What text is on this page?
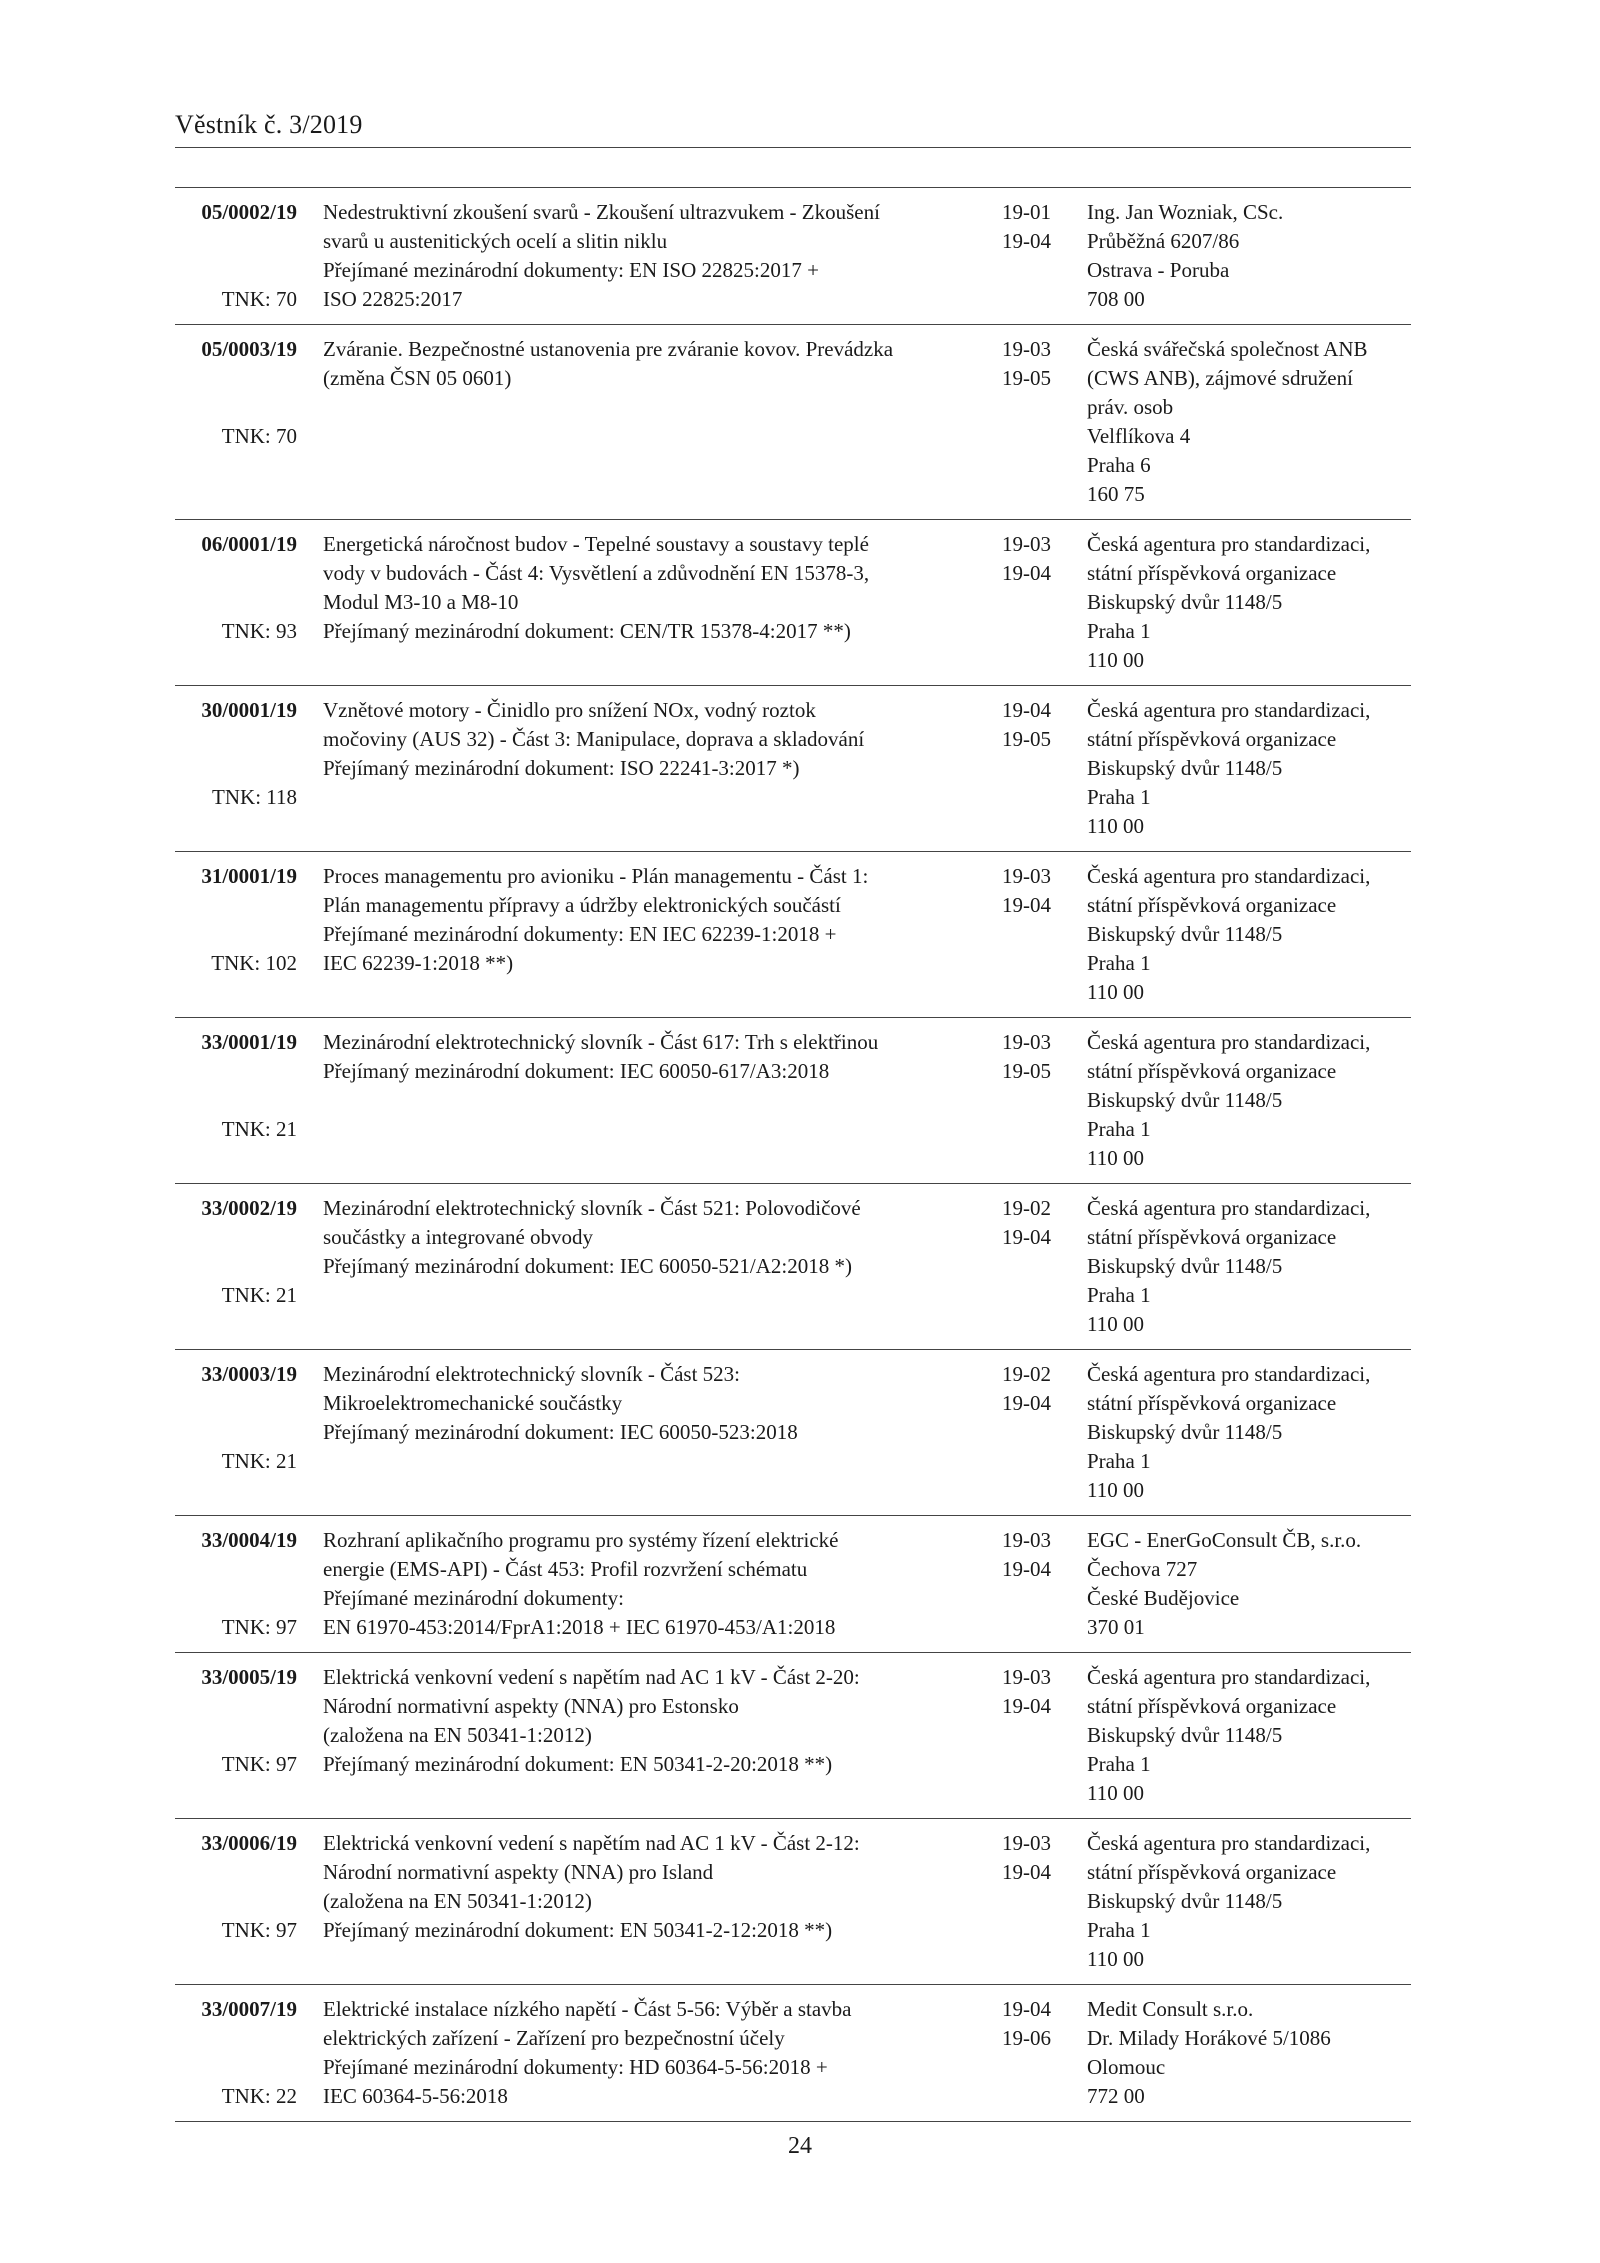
Věstník č. 3/2019
05/0002/19
TNK: 70
Nedestruktivní zkoušení svarů - Zkoušení ultrazvukem - Zkoušení
svarů u austenitických ocelí a slitin niklu
Přejímané mezinárodní dokumenty: EN ISO 22825:2017 +
ISO 22825:2017
19-01
19-04
Ing. Jan Wozniak, CSc.
Průběžná 6207/86
Ostrava - Poruba
708 00
05/0003/19
TNK: 70
Zváranie. Bezpečnostné ustanovenia pre zváranie kovov. Prevádzka
(změna ČSN 05 0601)
19-03
19-05
Česká svářečská společnost ANB
(CWS ANB), zájmové sdružení
práv. osob
Velflíkova 4
Praha 6
160 75
06/0001/19
TNK: 93
Energetická náročnost budov - Tepelné soustavy a soustavy teplé
vody v budovách - Část 4: Vysvětlení a zdůvodnění EN 15378-3,
Modul M3-10 a M8-10
Přejímaný mezinárodní dokument: CEN/TR 15378-4:2017 **)
19-03
19-04
Česká agentura pro standardizaci,
státní příspěvková organizace
Biskupský dvůr 1148/5
Praha 1
110 00
30/0001/19
TNK: 118
Vznětové motory - Činidlo pro snížení NOx, vodný roztok
močoviny (AUS 32) - Část 3: Manipulace, doprava a skladování
Přejímaný mezinárodní dokument: ISO 22241-3:2017 *)
19-04
19-05
Česká agentura pro standardizaci,
státní příspěvková organizace
Biskupský dvůr 1148/5
Praha 1
110 00
31/0001/19
TNK: 102
Proces managementu pro avioniku - Plán managementu - Část 1:
Plán managementu přípravy a údržby elektronických součástí
Přejímané mezinárodní dokumenty: EN IEC 62239-1:2018 +
IEC 62239-1:2018 **)
19-03
19-04
Česká agentura pro standardizaci,
státní příspěvková organizace
Biskupský dvůr 1148/5
Praha 1
110 00
33/0001/19
TNK: 21
Mezinárodní elektrotechnický slovník - Část 617: Trh s elektřinou
Přejímaný mezinárodní dokument: IEC 60050-617/A3:2018
19-03
19-05
Česká agentura pro standardizaci,
státní příspěvková organizace
Biskupský dvůr 1148/5
Praha 1
110 00
33/0002/19
TNK: 21
Mezinárodní elektrotechnický slovník - Část 521: Polovodičové
součástky a integrované obvody
Přejímaný mezinárodní dokument: IEC 60050-521/A2:2018 *)
19-02
19-04
Česká agentura pro standardizaci,
státní příspěvková organizace
Biskupský dvůr 1148/5
Praha 1
110 00
33/0003/19
TNK: 21
Mezinárodní elektrotechnický slovník - Část 523:
Mikroelektromechanické součástky
Přejímaný mezinárodní dokument: IEC 60050-523:2018
19-02
19-04
Česká agentura pro standardizaci,
státní příspěvková organizace
Biskupský dvůr 1148/5
Praha 1
110 00
33/0004/19
TNK: 97
Rozhraní aplikačního programu pro systémy řízení elektrické
energie (EMS-API) - Část 453: Profil rozvržení schématu
Přejímané mezinárodní dokumenty:
EN 61970-453:2014/FprA1:2018 + IEC 61970-453/A1:2018
19-03
19-04
EGC - EnerGoConsult ČB, s.r.o.
Čechova 727
České Budějovice
370 01
33/0005/19
TNK: 97
Elektrická venkovní vedení s napětím nad AC 1 kV - Část 2-20:
Národní normativní aspekty (NNA) pro Estonsko
(založena na EN 50341-1:2012)
Přejímaný mezinárodní dokument: EN 50341-2-20:2018 **)
19-03
19-04
Česká agentura pro standardizaci,
státní příspěvková organizace
Biskupský dvůr 1148/5
Praha 1
110 00
33/0006/19
TNK: 97
Elektrická venkovní vedení s napětím nad AC 1 kV - Část 2-12:
Národní normativní aspekty (NNA) pro Island
(založena na EN 50341-1:2012)
Přejímaný mezinárodní dokument: EN 50341-2-12:2018 **)
19-03
19-04
Česká agentura pro standardizaci,
státní příspěvková organizace
Biskupský dvůr 1148/5
Praha 1
110 00
33/0007/19
TNK: 22
Elektrické instalace nízkého napětí - Část 5-56: Výběr a stavba
elektrických zařízení - Zařízení pro bezpečnostní účely
Přejímané mezinárodní dokumenty: HD 60364-5-56:2018 +
IEC 60364-5-56:2018
19-04
19-06
Medit Consult s.r.o.
Dr. Milady Horákové 5/1086
Olomouc
772 00
24
